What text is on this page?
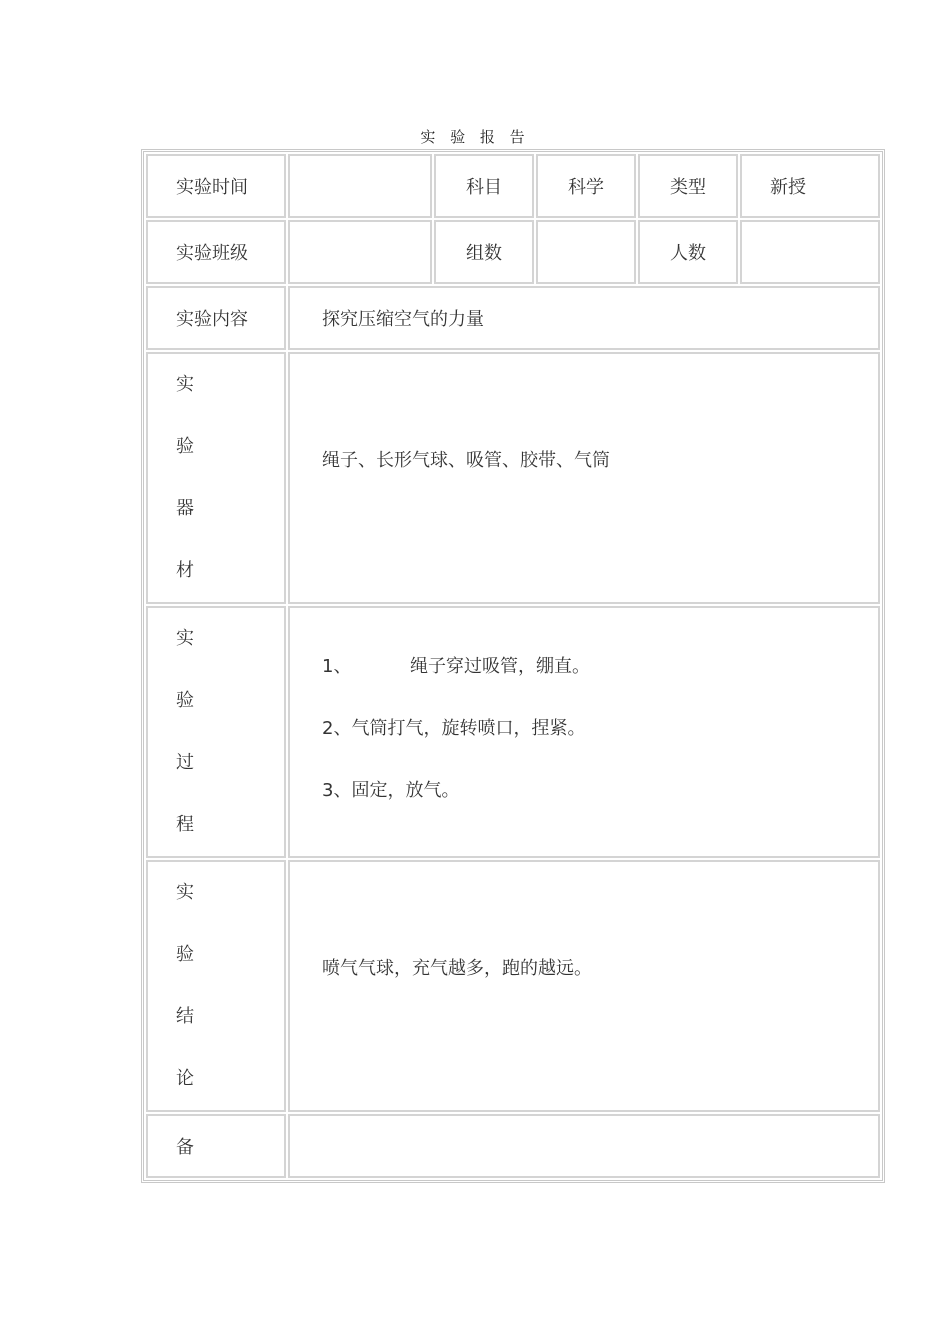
实 验 报 告
实验时间		科目	科学	类型	新授
实验班级		组数		人数	
实验内容	探究压缩空气的力量				

实
验
器
材	绳子、长形气球、吸管、胶带、气筒				

实
验
过
程	1、 绳子穿过吸管，绷直。
2、气筒打气，旋转喷口，捏紧。
3、固定，放气。				

实
验
结
论	喷气气球，充气越多，跑的越远。				
备					
